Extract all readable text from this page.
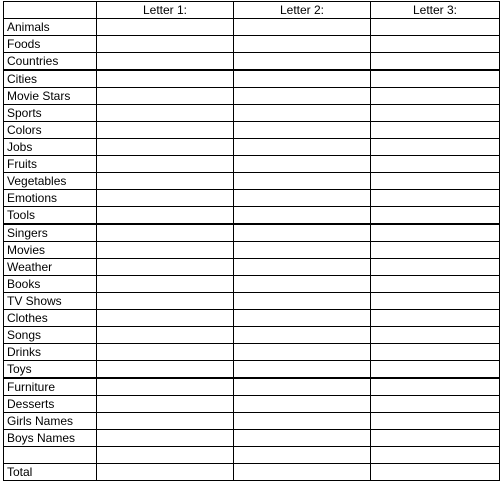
	Letter 1:	Letter 2:	Letter 3:
Animals			
Foods			
Countries			
Cities			
Movie Stars			
Sports			
Colors			
Jobs			
Fruits			
Vegetables			
Emotions			
Tools			
Singers			
Movies			
Weather			
Books			
TV Shows			
Clothes			
Songs			
Drinks			
Toys			
Furniture			
Desserts			
Girls Names			
Boys Names			

Total			
